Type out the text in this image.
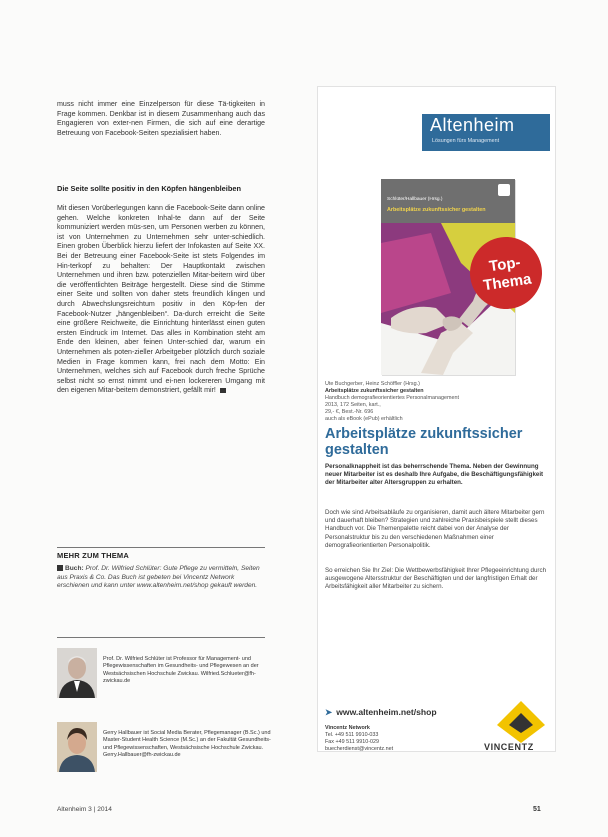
muss nicht immer eine Einzelperson für diese Tä-tigkeiten in Frage kommen. Denkbar ist in diesem Zusammenhang auch das Engagieren von exter-nen Firmen, die sich auf eine derartige Betreuung von Facebook-Seiten spezialisiert haben.

Die Seite sollte positiv in den Köpfen hängenbleiben
Mit diesen Vorüberlegungen kann die Facebook-Seite dann online gehen. Welche konkreten Inhal-te dann auf der Seite kommuniziert werden müs-sen, um Personen werben zu können, ist von Unternehmen zu Unternehmen sehr unter-schiedlich. Einen groben Überblick hierzu liefert der Infokasten auf Seite XX. Bei der Betreuung einer Facebook-Seite ist stets Folgendes im Hin-terkopf zu behalten: Der Hauptkontakt zwischen Unternehmen und ihren bzw. potenziellen Mitar-beitern wird über die veröffentlichten Beiträge hergestellt. Diese sind die Stimme einer Seite und sollten von daher stets freundlich klingen und durch Abwechslungsreichtum positiv in den Köp-fen der Facebook-Nutzer „hängenbleiben“. Da-durch erreicht die Seite eine größere Reichweite, die Einrichtung hinterlässt einen guten ersten Eindruck im Internet. Das alles in Kombination steht am Ende den kleinen, aber feinen Unter-schied dar, warum ein Unternehmen als poten-zieller Arbeitgeber plötzlich durch soziale Medien in Frage kommen kann, frei nach dem Motto: Ein Unternehmen, welches sich auf Facebook durch freche Sprüche selbst nicht so ernst nimmt und ei-nen lockereren Umgang mit den eigenen Mitar-beitern demonstriert, gefällt mir!
MEHR ZUM THEMA
Buch: Prof. Dr. Wilfried Schlüter: Gute Pflege zu vermitteln, Seiten aus Praxis & Co. Das Buch ist gebeten bei Vincentz Network erschienen und kann unter www.altenheim.net/shop gekauft werden.
Prof. Dr. Wilfried Schlüter ist Professor für Management- und Pflegewissenschaften im Gesundheits- und Pflegewesen an der Westsächsischen Hochschule Zwickau. Wilfried.Schlueter@fh-zwickau.de
Gerry Hallbauer ist Social Media Berater, Pflegemanager (B.Sc.) und Master-Student Health Science (M.Sc.) an der Fakultät Gesundheits- und Pflegewissenschaften, Westsächsische Hochschule Zwickau. Gerry.Hallbauer@fh-zwickau.de
Altenheim 3 | 2014	51
Altenheim
Lösungen fürs Management
Schlüter/Hallbauer (Hrsg.)
Arbeitsplätze zukunftssicher gestalten
Top-
Thema
Ute Buchgerber, Heinz Schöffler (Hrsg.)
Arbeitsplätze zukunftssicher gestalten
Handbuch demografieorientiertes Personalmanagement
2013, 172 Seiten, kart.,
29,- €, Best.-Nr. 696
auch als eBook (ePub) erhältlich
Arbeitsplätze zukunftssicher gestalten
Personalknappheit ist das beherrschende Thema. Neben der Gewinnung neuer Mitarbeiter ist es deshalb Ihre Aufgabe, die Beschäftigungsfähigkeit der Mitarbeiter alter Altersgruppen zu erhalten.
Doch wie sind Arbeitsabläufe zu organisieren, damit auch ältere Mitarbeiter gern und dauerhaft bleiben? Strategien und zahlreiche Praxisbeispiele stellt dieses Handbuch vor. Die Themenpalette reicht dabei von der Analyse der Personalstruktur bis zu den verschiedenen Maßnahmen einer demografieorientierten Personalpolitik.
So erreichen Sie Ihr Ziel: Die Wettbewerbsfähigkeit Ihrer Pflegeeinrichtung durch ausgewogene Altersstruktur der Beschäftigten und der langfristigen Erhalt der Arbeitsfähigkeit aller Mitarbeiter zu sichern.
➤ www.altenheim.net/shop
Vincentz Network
Tel. +49 511 9910-033
Fax +49 511 9910-029
buecherdienst@vincentz.net	VINCENTZ
